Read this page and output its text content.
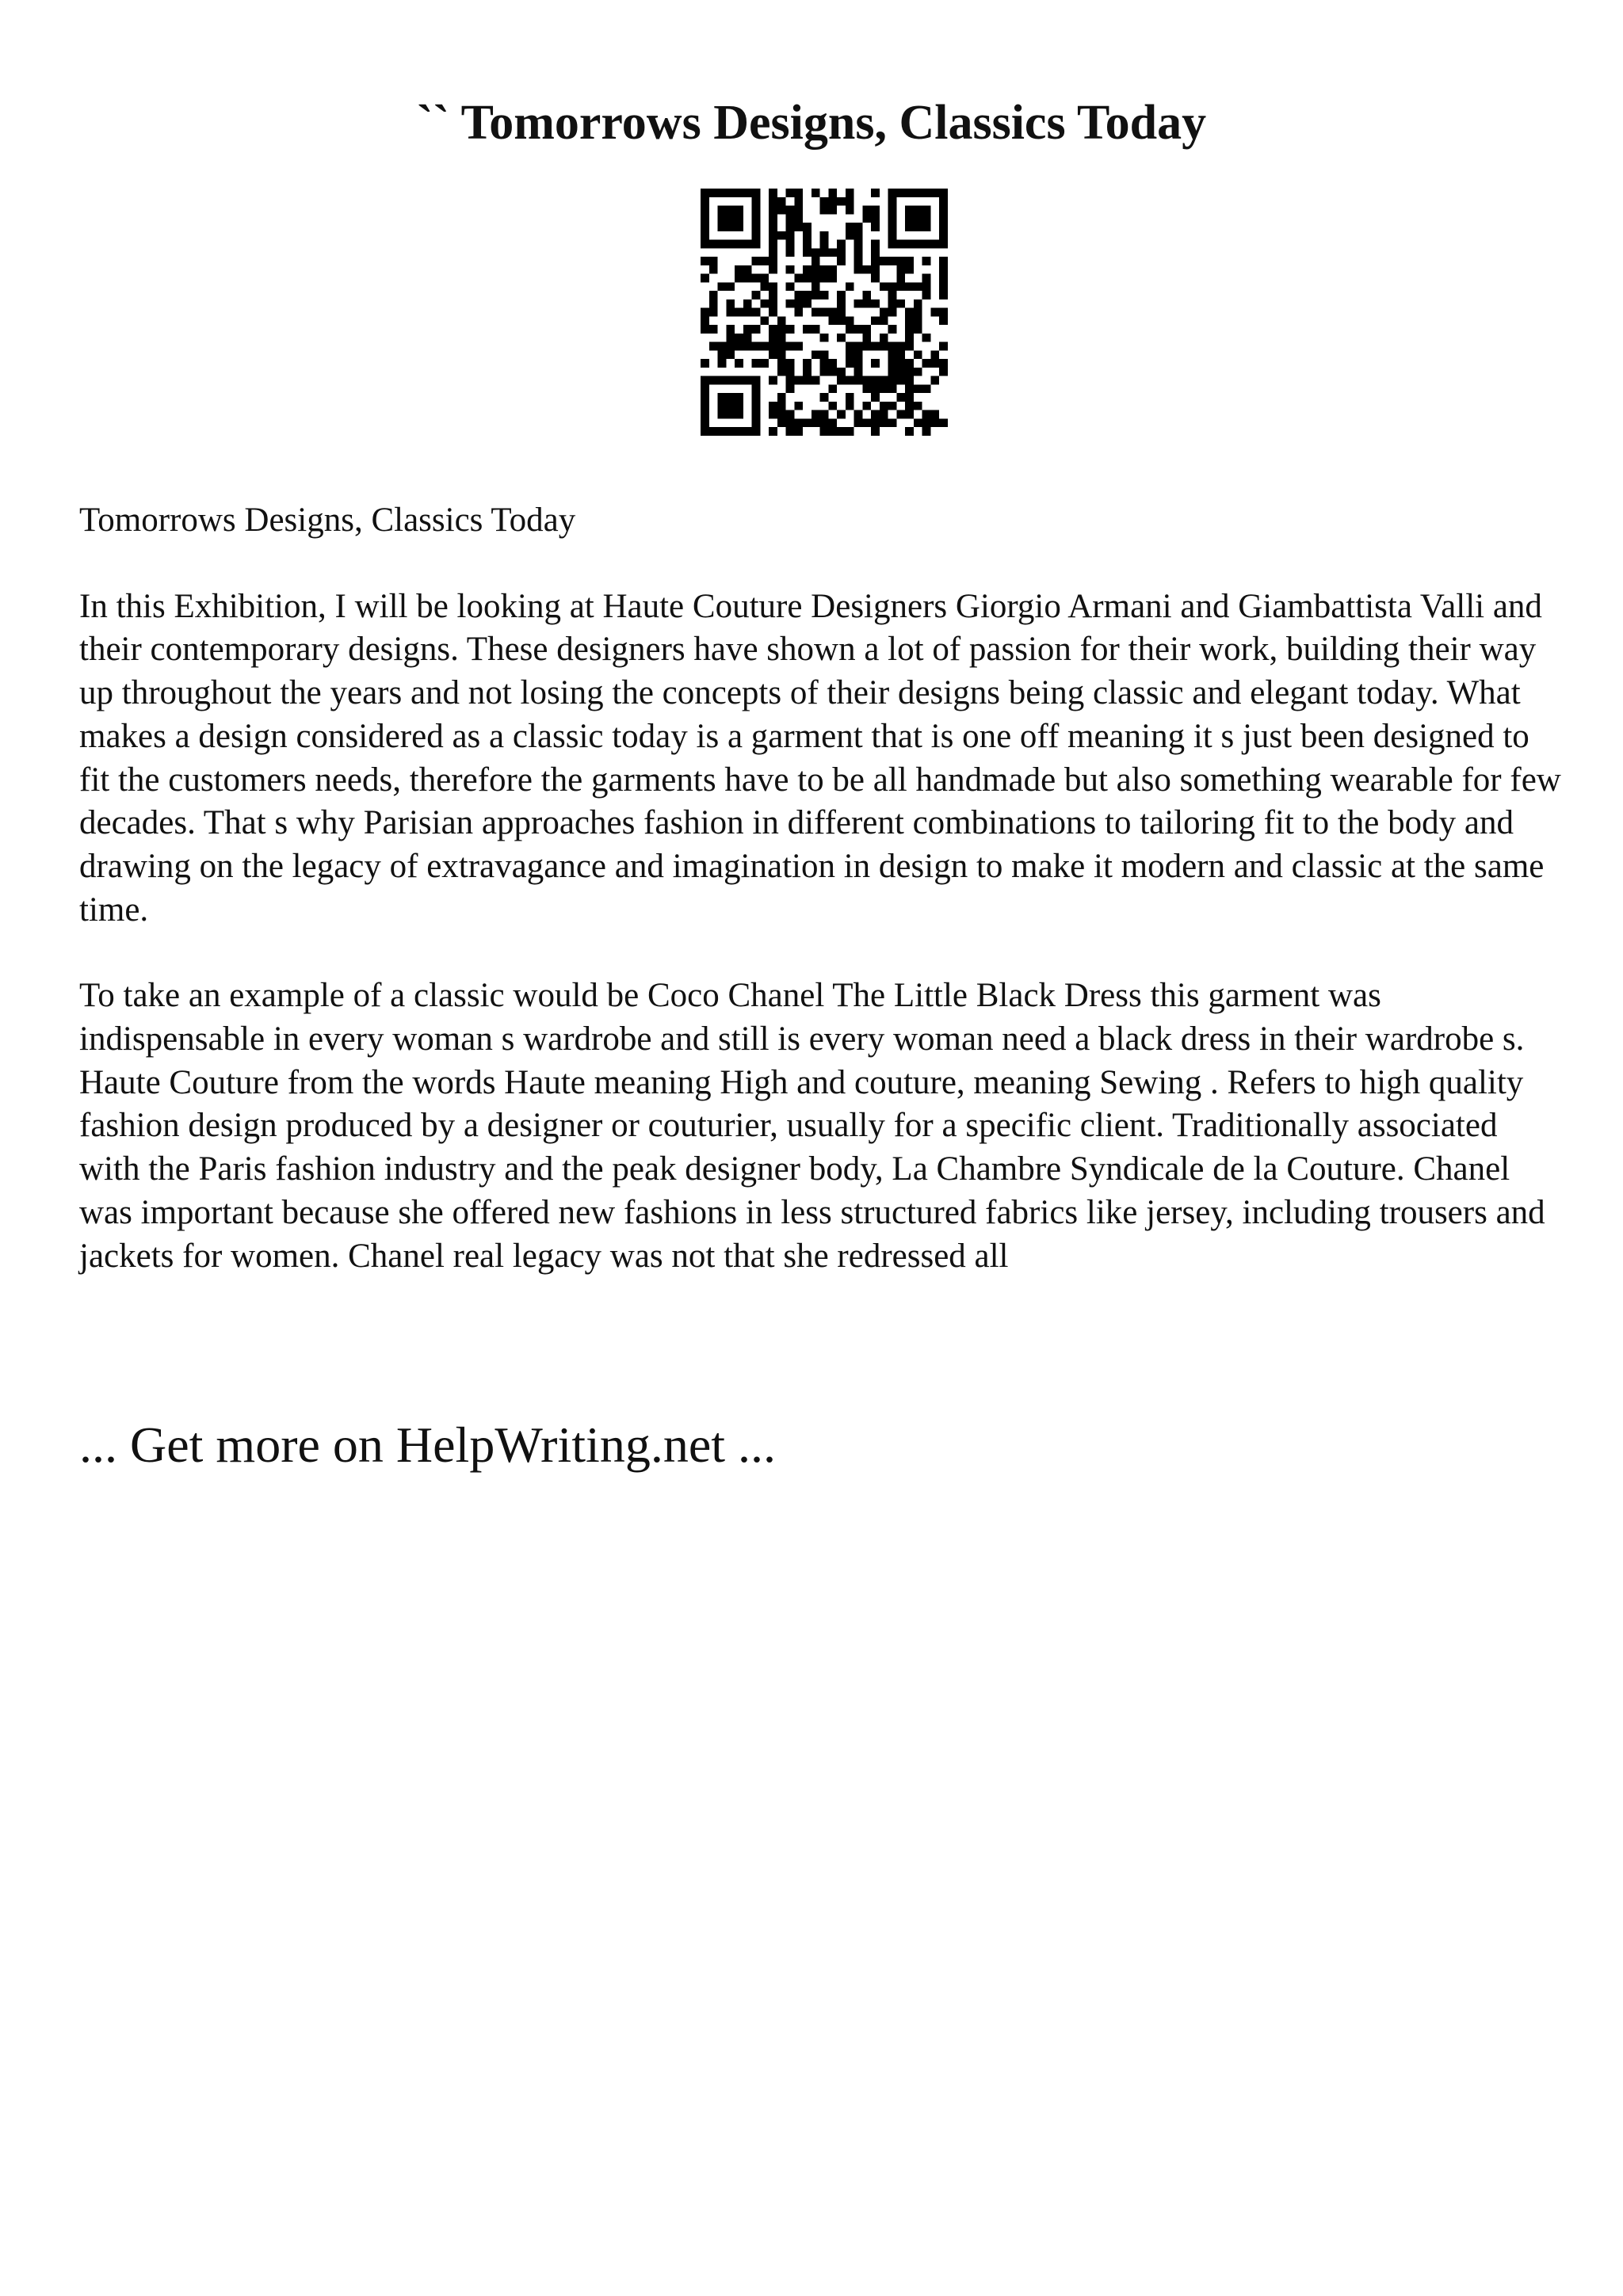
`` Tomorrows Designs, Classics Today

Tomorrows Designs, Classics Today

In this Exhibition, I will be looking at Haute Couture Designers Giorgio Armani and Giambattista Valli and their contemporary designs. These designers have shown a lot of passion for their work, building their way up throughout the years and not losing the concepts of their designs being classic and elegant today. What makes a design considered as a classic today is a garment that is one off meaning it s just been designed to fit the customers needs, therefore the garments have to be all handmade but also something wearable for few decades. That s why Parisian approaches fashion in different combinations to tailoring fit to the body and drawing on the legacy of extravagance and imagination in design to make it modern and classic at the same time.

To take an example of a classic would be Coco Chanel The Little Black Dress this garment was indispensable in every woman s wardrobe and still is every woman need a black dress in their wardrobe s. Haute Couture from the words Haute meaning High and couture, meaning Sewing . Refers to high quality fashion design produced by a designer or couturier, usually for a specific client. Traditionally associated with the Paris fashion industry and the peak designer body, La Chambre Syndicale de la Couture. Chanel was important because she offered new fashions in less structured fabrics like jersey, including trousers and jackets for women. Chanel real legacy was not that she redressed all

... Get more on HelpWriting.net ...
